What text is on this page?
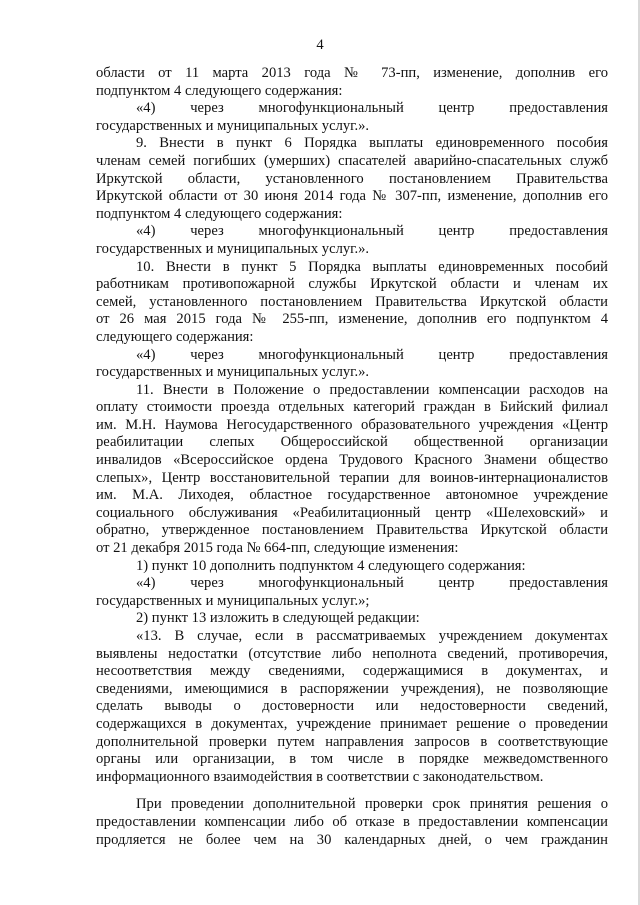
4
области от 11 марта 2013 года № 73-пп, изменение, дополнив его
подпунктом 4 следующего содержания:
«4) через многофункциональный центр предоставления
государственных и муниципальных услуг.».
9. Внести в пункт 6 Порядка выплаты единовременного пособия
членам семей погибших (умерших) спасателей аварийно-спасательных служб
Иркутской области, установленного постановлением Правительства
Иркутской области от 30 июня 2014 года № 307-пп, изменение, дополнив его
подпунктом 4 следующего содержания:
«4) через многофункциональный центр предоставления
государственных и муниципальных услуг.».
10. Внести в пункт 5 Порядка выплаты единовременных пособий
работникам противопожарной службы Иркутской области и членам их
семей, установленного постановлением Правительства Иркутской области
от 26 мая 2015 года № 255-пп, изменение, дополнив его подпунктом 4
следующего содержания:
«4) через многофункциональный центр предоставления
государственных и муниципальных услуг.».
11. Внести в Положение о предоставлении компенсации расходов на
оплату стоимости проезда отдельных категорий граждан в Бийский филиал
им. М.Н. Наумова Негосударственного образовательного учреждения «Центр
реабилитации слепых Общероссийской общественной организации
инвалидов «Всероссийское ордена Трудового Красного Знамени общество
слепых», Центр восстановительной терапии для воинов-интернационалистов
им. М.А. Лиходея, областное государственное автономное учреждение
социального обслуживания «Реабилитационный центр «Шелеховский» и
обратно, утвержденное постановлением Правительства Иркутской области
от 21 декабря 2015 года № 664-пп, следующие изменения:
1) пункт 10 дополнить подпунктом 4 следующего содержания:
«4) через многофункциональный центр предоставления
государственных и муниципальных услуг.»;
2) пункт 13 изложить в следующей редакции:
«13. В случае, если в рассматриваемых учреждением документах
выявлены недостатки (отсутствие либо неполнота сведений, противоречия,
несоответствия между сведениями, содержащимися в документах, и
сведениями, имеющимися в распоряжении учреждения), не позволяющие
сделать выводы о достоверности или недостоверности сведений,
содержащихся в документах, учреждение принимает решение о проведении
дополнительной проверки путем направления запросов в соответствующие
органы или организации, в том числе в порядке межведомственного
информационного взаимодействия в соответствии с законодательством.
При проведении дополнительной проверки срок принятия решения о
предоставлении компенсации либо об отказе в предоставлении компенсации
продляется не более чем на 30 календарных дней, о чем гражданин
